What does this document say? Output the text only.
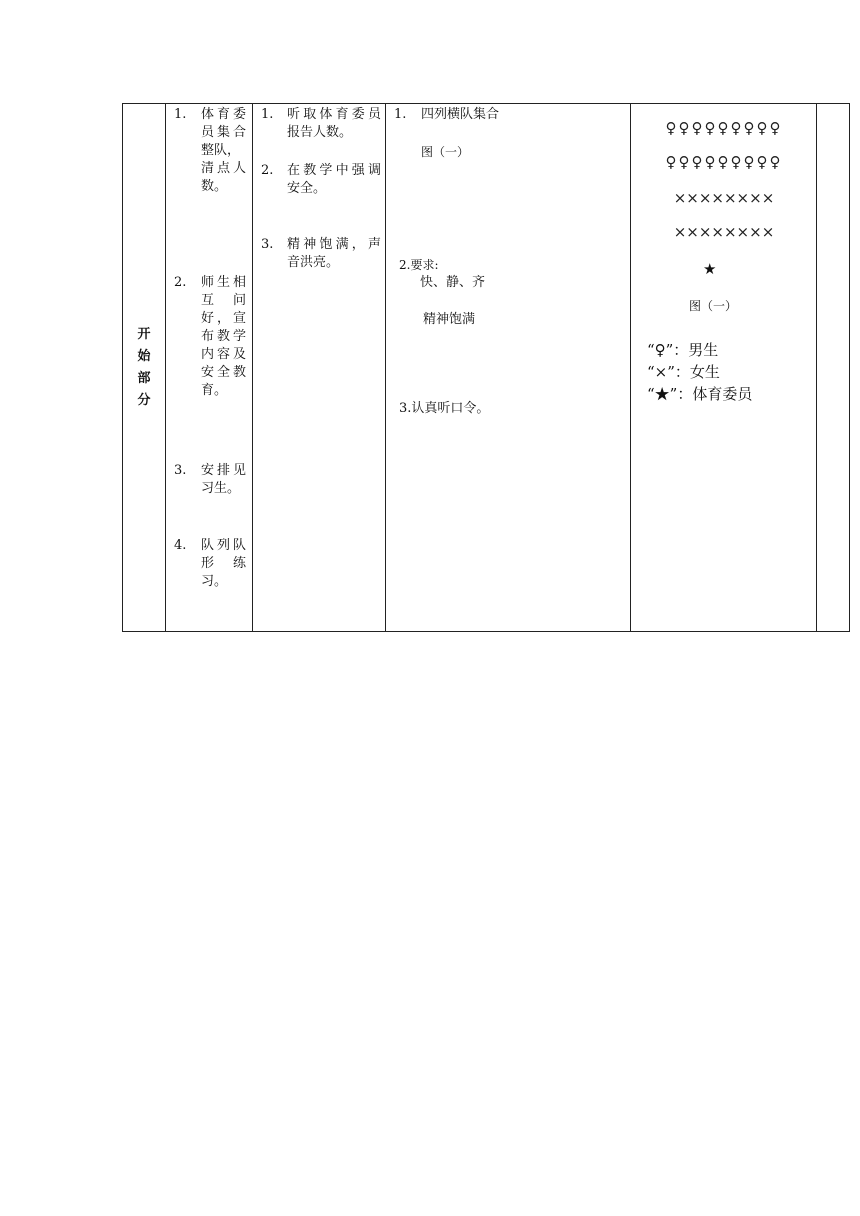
开
始
部
分

1. 体育委
员集合
整队，
清点人
数。
2. 师生相
互　问
好，宣
布教学
内容及
安全教
育。
3. 安排见
习生。
4. 队列队
形　练
习。

1. 听取体育委员
报告人数。
2. 在教学中强调
安全。
3. 精神饱满，声
音洪亮。

1. 四列横队集合
图（一）
2.要求:
快、静、齐
精神饱满
3.认真听口令。

♀♀♀♀♀♀♀♀♀
♀♀♀♀♀♀♀♀♀
××××××××
××××××××
★
图（一）
“♀”：男生
“×”：女生
“★”：体育委员
